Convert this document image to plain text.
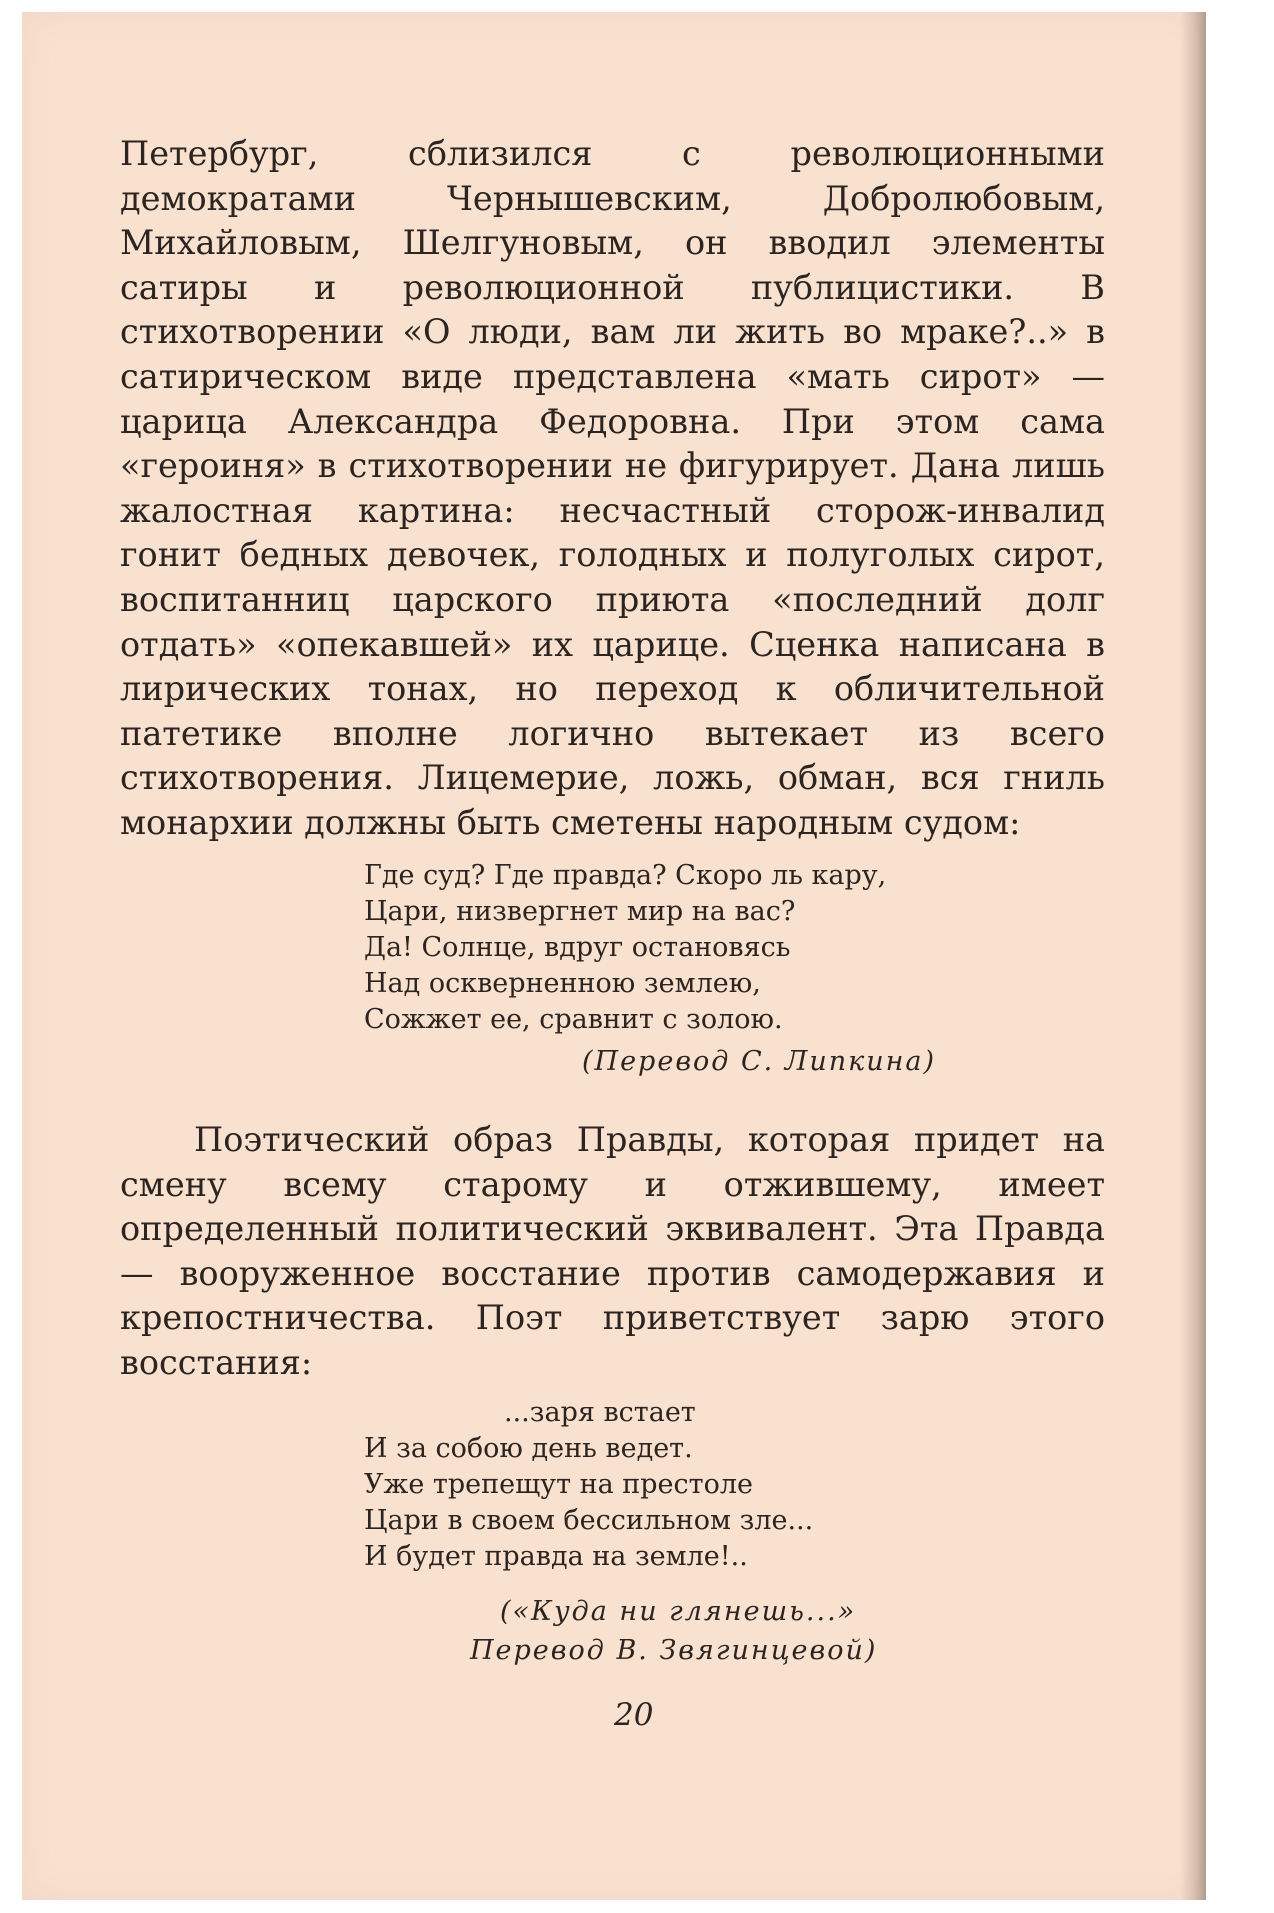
Петербург, сблизился с революционными демократами Чернышевским, Добролюбовым, Михайловым, Шелгуновым, он вводил элементы сатиры и революционной публицистики. В стихотворении «О люди, вам ли жить во мраке?..» в сатирическом виде представлена «мать сирот» — царица Александра Федоровна. При этом сама «героиня» в стихотворении не фигурирует. Дана лишь жалостная картина: несчастный сторож-инвалид гонит бедных девочек, голодных и полуголых сирот, воспитанниц царского приюта «последний долг отдать» «опекавшей» их царице. Сценка написана в лирических тонах, но переход к обличительной патетике вполне логично вытекает из всего стихотворения. Лицемерие, ложь, обман, вся гниль монархии должны быть сметены народным судом:

Где суд? Где правда? Скоро ль кару,
Цари, низвергнет мир на вас?
Да! Солнце, вдруг остановясь
Над оскверненною землею,
Сожжет ее, сравнит с золою.
(Перевод С. Липкина)

Поэтический образ Правды, которая придет на смену всему старому и отжившему, имеет определенный политический эквивалент. Эта Правда — вооруженное восстание против самодержавия и крепостничества. Поэт приветствует зарю этого восстания:

...заря встает
И за собою день ведет.
Уже трепещут на престоле
Цари в своем бессильном зле...
И будет правда на земле!..
(«Куда ни глянешь...»
Перевод В. Звягинцевой)
20
